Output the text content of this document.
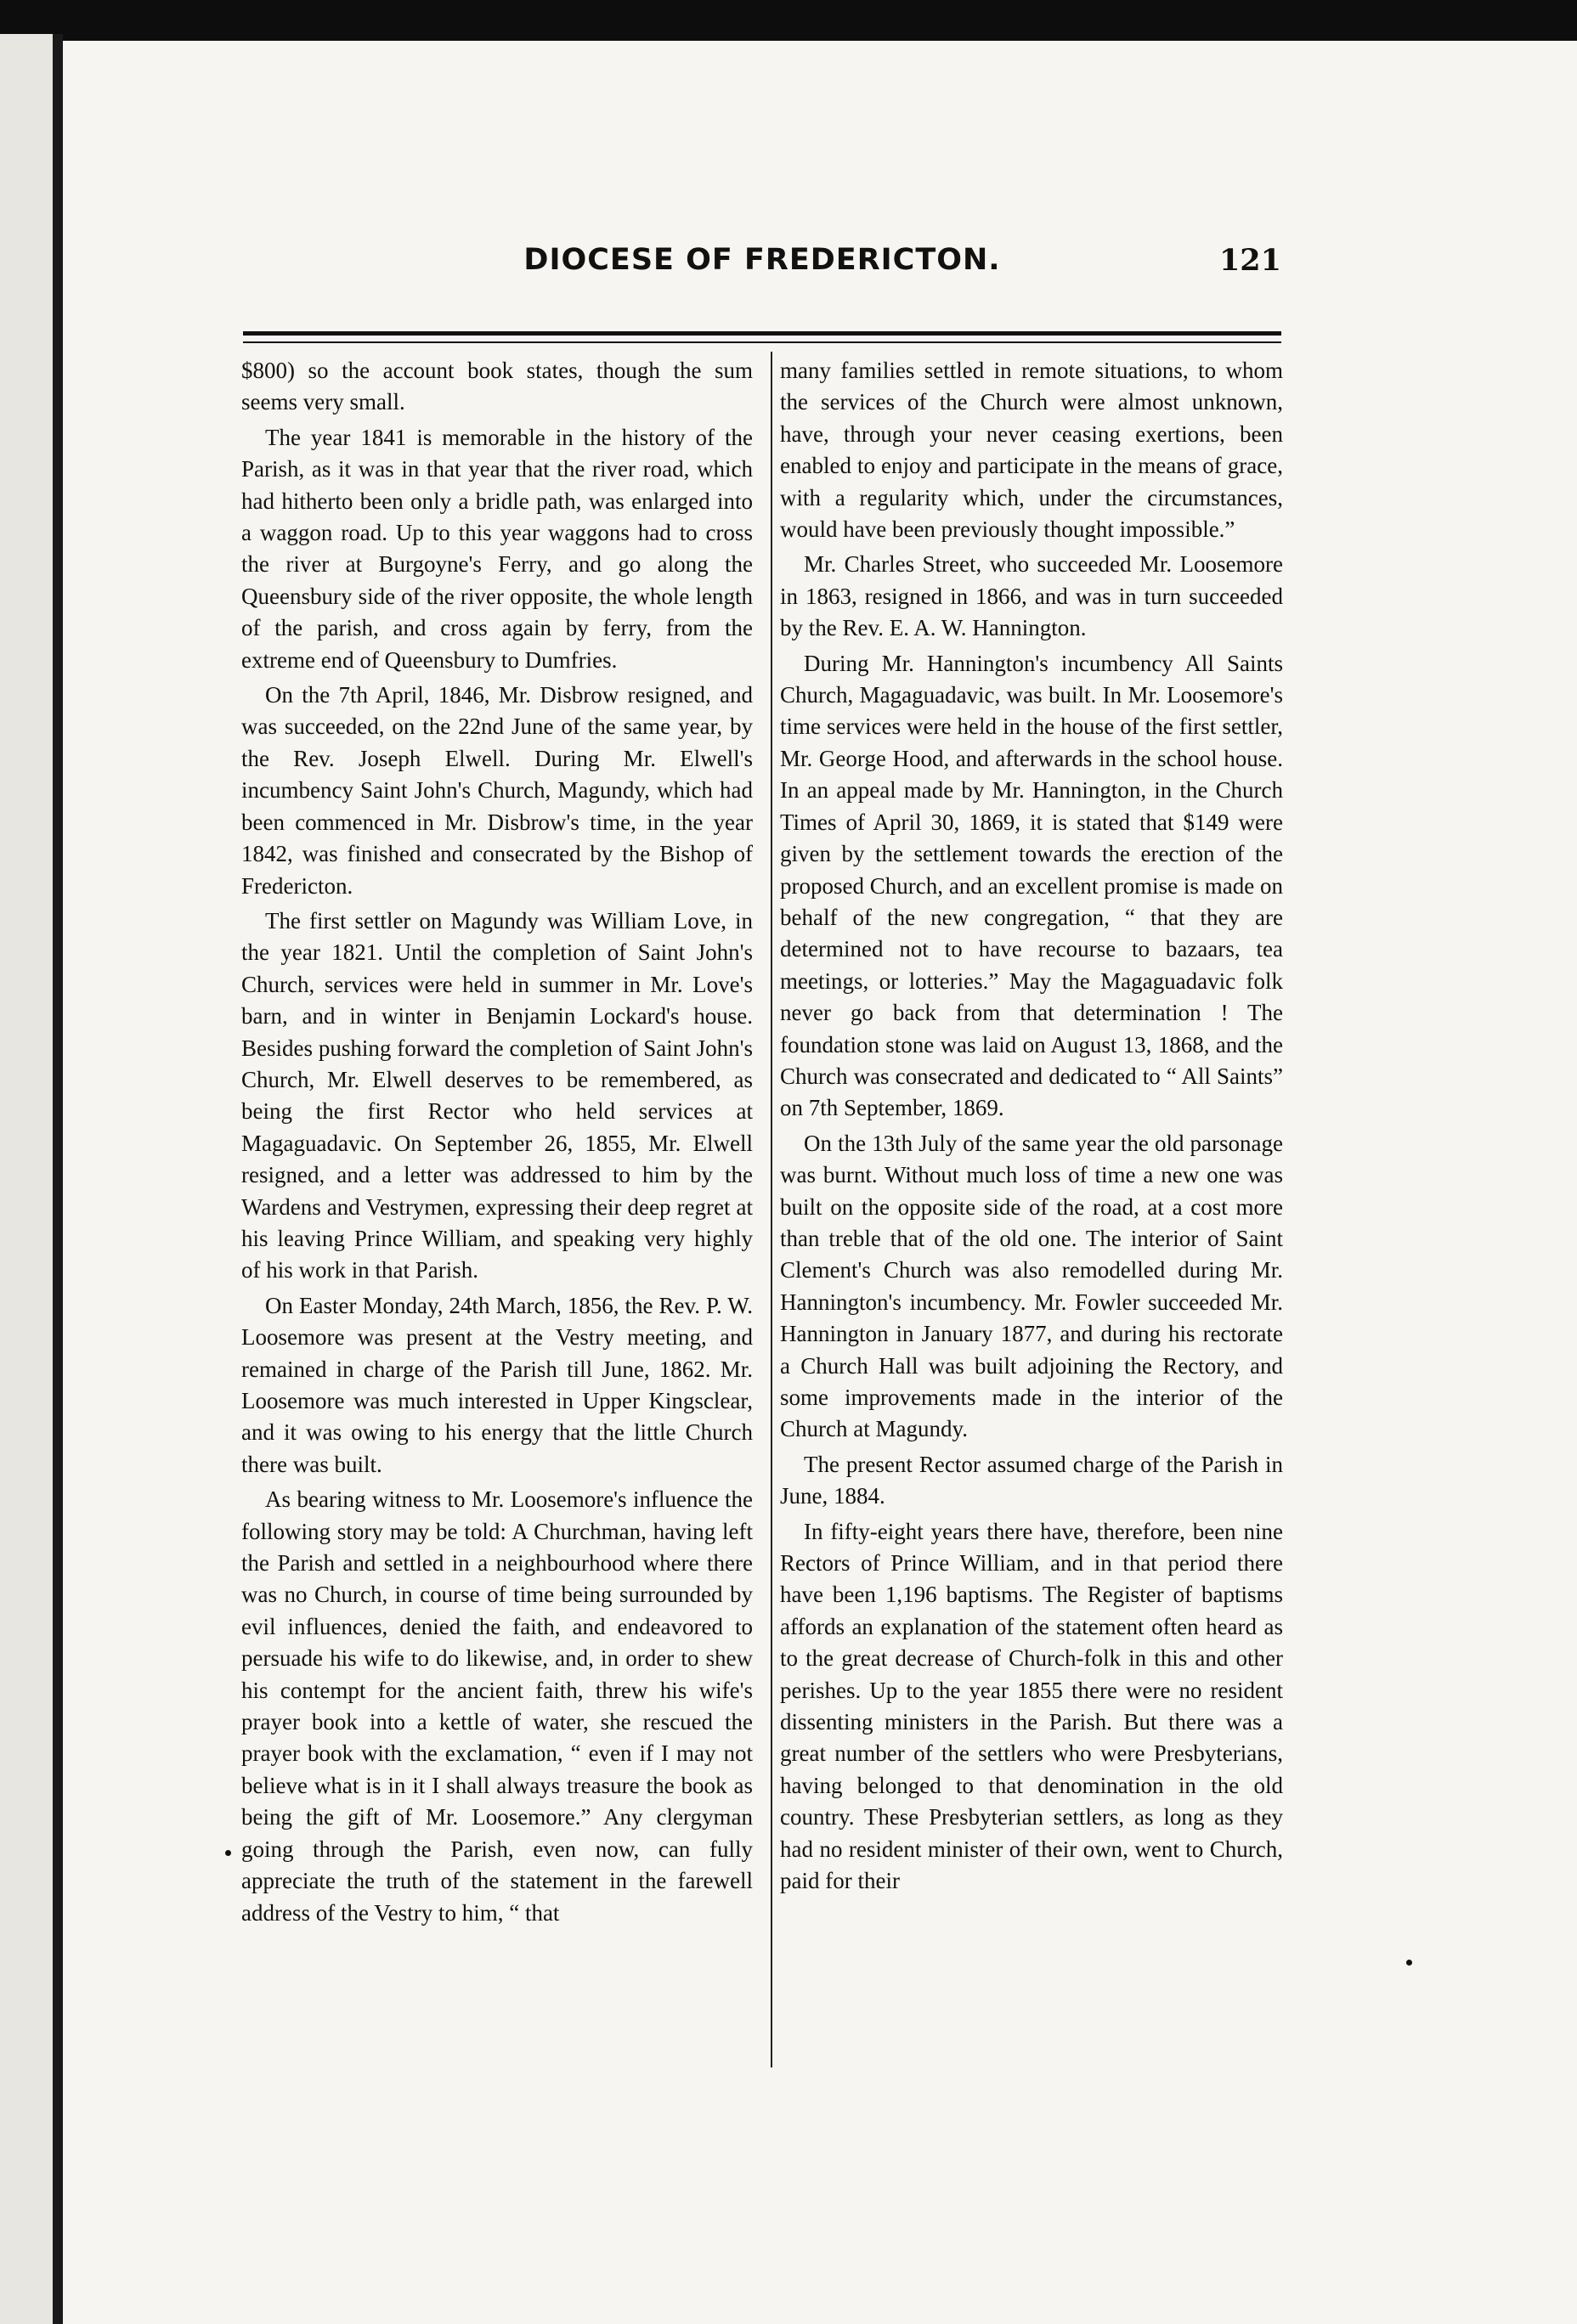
DIOCESE OF FREDERICTON.	121

$800) so the account book states, though the sum seems very small.

The year 1841 is memorable in the history of the Parish, as it was in that year that the river road, which had hitherto been only a bridle path, was enlarged into a waggon road. Up to this year waggons had to cross the river at Burgoyne's Ferry, and go along the Queensbury side of the river opposite, the whole length of the parish, and cross again by ferry, from the extreme end of Queensbury to Dumfries.

On the 7th April, 1846, Mr. Disbrow resigned, and was succeeded, on the 22nd June of the same year, by the Rev. Joseph Elwell. During Mr. Elwell's incumbency Saint John's Church, Magundy, which had been commenced in Mr. Disbrow's time, in the year 1842, was finished and consecrated by the Bishop of Fredericton.

The first settler on Magundy was William Love, in the year 1821. Until the completion of Saint John's Church, services were held in summer in Mr. Love's barn, and in winter in Benjamin Lockard's house. Besides pushing forward the completion of Saint John's Church, Mr. Elwell deserves to be remembered, as being the first Rector who held services at Magaguadavic. On September 26, 1855, Mr. Elwell resigned, and a letter was addressed to him by the Wardens and Vestrymen, expressing their deep regret at his leaving Prince William, and speaking very highly of his work in that Parish.

On Easter Monday, 24th March, 1856, the Rev. P. W. Loosemore was present at the Vestry meeting, and remained in charge of the Parish till June, 1862. Mr. Loosemore was much interested in Upper Kingsclear, and it was owing to his energy that the little Church there was built.

As bearing witness to Mr. Loosemore's influence the following story may be told: A Churchman, having left the Parish and settled in a neighbourhood where there was no Church, in course of time being surrounded by evil influences, denied the faith, and endeavored to persuade his wife to do likewise, and, in order to shew his contempt for the ancient faith, threw his wife's prayer book into a kettle of water, she rescued the prayer book with the exclamation, “ even if I may not believe what is in it I shall always treasure the book as being the gift of Mr. Loosemore.” Any clergyman going through the Parish, even now, can fully appreciate the truth of the statement in the farewell address of the Vestry to him, “ that

many families settled in remote situations, to whom the services of the Church were almost unknown, have, through your never ceasing exertions, been enabled to enjoy and participate in the means of grace, with a regularity which, under the circumstances, would have been previously thought impossible.”

Mr. Charles Street, who succeeded Mr. Loosemore in 1863, resigned in 1866, and was in turn succeeded by the Rev. E. A. W. Hannington.

During Mr. Hannington's incumbency All Saints Church, Magaguadavic, was built. In Mr. Loosemore's time services were held in the house of the first settler, Mr. George Hood, and afterwards in the school house. In an appeal made by Mr. Hannington, in the Church Times of April 30, 1869, it is stated that $149 were given by the settlement towards the erection of the proposed Church, and an excellent promise is made on behalf of the new congregation, “ that they are determined not to have recourse to bazaars, tea meetings, or lotteries.” May the Magaguadavic folk never go back from that determination ! The foundation stone was laid on August 13, 1868, and the Church was consecrated and dedicated to “ All Saints” on 7th September, 1869.

On the 13th July of the same year the old parsonage was burnt. Without much loss of time a new one was built on the opposite side of the road, at a cost more than treble that of the old one. The interior of Saint Clement's Church was also remodelled during Mr. Hannington's incumbency. Mr. Fowler succeeded Mr. Hannington in January 1877, and during his rectorate a Church Hall was built adjoining the Rectory, and some improvements made in the interior of the Church at Magundy.

The present Rector assumed charge of the Parish in June, 1884.

In fifty-eight years there have, therefore, been nine Rectors of Prince William, and in that period there have been 1,196 baptisms. The Register of baptisms affords an explanation of the statement often heard as to the great decrease of Church-folk in this and other perishes. Up to the year 1855 there were no resident dissenting ministers in the Parish. But there was a great number of the settlers who were Presbyterians, having belonged to that denomination in the old country. These Presbyterian settlers, as long as they had no resident minister of their own, went to Church, paid for their
